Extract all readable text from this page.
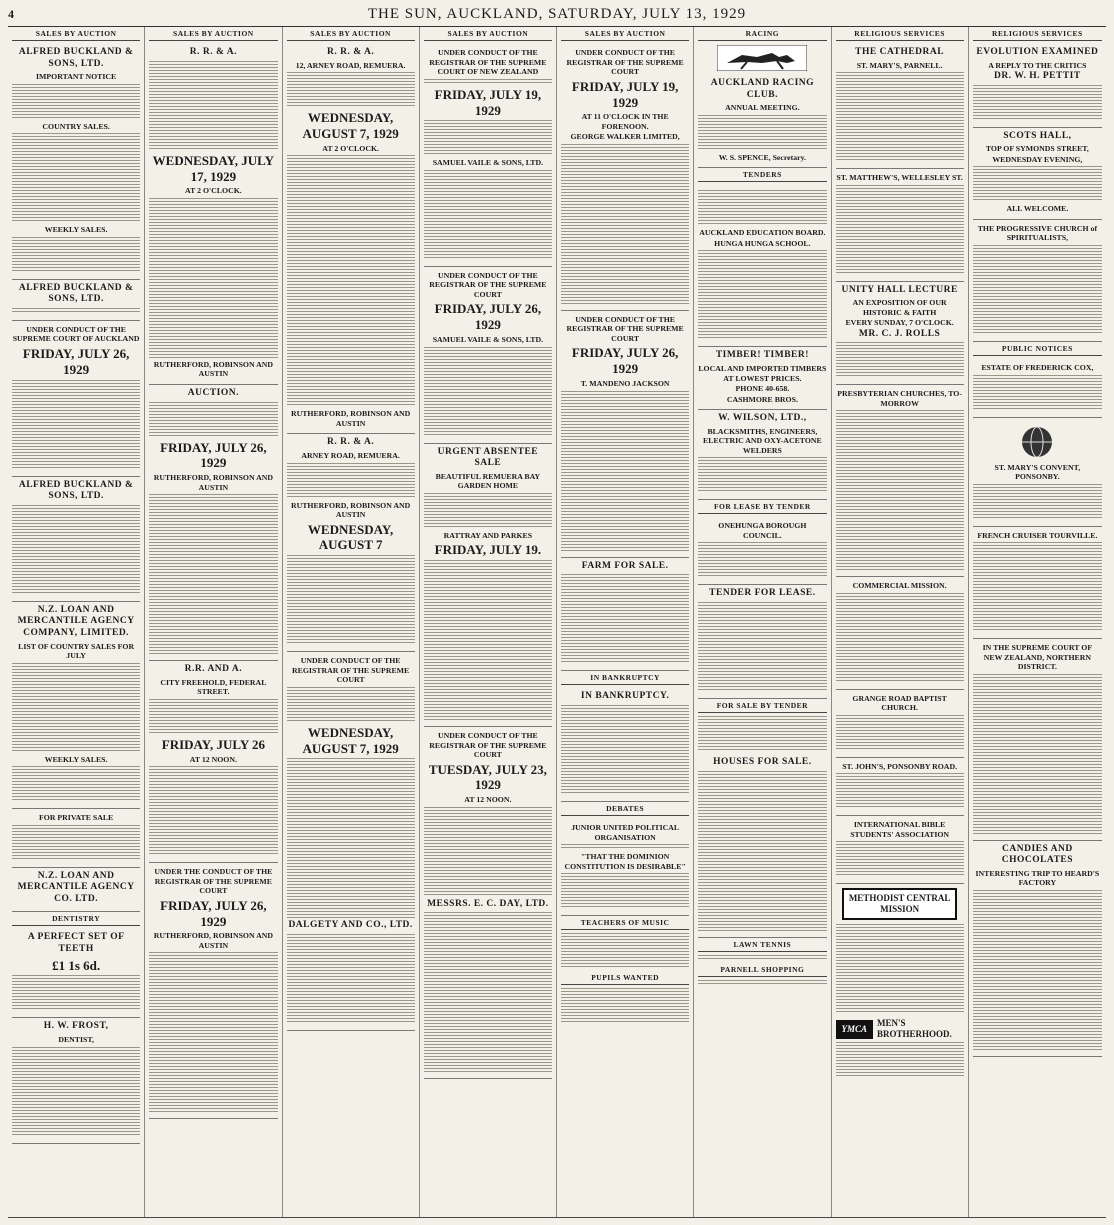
4	THE SUN, AUCKLAND, SATURDAY, JULY 13, 1929
SALES BY AUCTION
ALFRED BUCKLAND & SONS, LTD.
IMPORTANT NOTICE
COUNTRY SALES.
WEEKLY SALES.
ALFRED BUCKLAND & SONS, LTD.
UNDER CONDUCT OF THE SUPREME COURT OF AUCKLAND
FRIDAY, JULY 26, 1929
ALFRED BUCKLAND & SONS, LTD.
N.Z. LOAN AND MERCANTILE AGENCY COMPANY, LIMITED.
LIST OF COUNTRY SALES FOR JULY
WEEKLY SALES.
FOR PRIVATE SALE
N.Z. LOAN AND MERCANTILE AGENCY CO. LTD.
DENTISTRY
A PERFECT SET OF TEETH
£1 1s 6d.
H. W. FROST,
DENTIST,
SALES BY AUCTION
R. R. & A.
WEDNESDAY, JULY 17, 1929
AT 2 O'CLOCK.
RUTHERFORD, ROBINSON AND AUSTIN
AUCTION.
FRIDAY, JULY 26, 1929
RUTHERFORD, ROBINSON AND AUSTIN
R.R. AND A.
CITY FREEHOLD, FEDERAL STREET.
FRIDAY, JULY 26
AT 12 NOON.
UNDER THE CONDUCT OF THE REGISTRAR OF THE SUPREME COURT
FRIDAY, JULY 26, 1929
RUTHERFORD, ROBINSON AND AUSTIN
SALES BY AUCTION
R. R. & A.
12, ARNEY ROAD, REMUERA.
WEDNESDAY, AUGUST 7, 1929
AT 2 O'CLOCK.
RUTHERFORD, ROBINSON AND AUSTIN
R. R. & A.
ARNEY ROAD, REMUERA.
RUTHERFORD, ROBINSON AND AUSTIN
WEDNESDAY, AUGUST 7
UNDER CONDUCT OF THE REGISTRAR OF THE SUPREME COURT
WEDNESDAY, AUGUST 7, 1929
DALGETY AND CO., LTD.
SALES BY AUCTION
UNDER CONDUCT OF THE REGISTRAR OF THE SUPREME COURT OF NEW ZEALAND
FRIDAY, JULY 19, 1929
SAMUEL VAILE & SONS, LTD.
UNDER CONDUCT OF THE REGISTRAR OF THE SUPREME COURT
FRIDAY, JULY 26, 1929
SAMUEL VAILE & SONS, LTD.
URGENT ABSENTEE SALE
BEAUTIFUL REMUERA BAY GARDEN HOME
RATTRAY AND PARKES
FRIDAY, JULY 19.
UNDER CONDUCT OF THE REGISTRAR OF THE SUPREME COURT
TUESDAY, JULY 23, 1929
AT 12 NOON.
MESSRS. E. C. DAY, LTD.
SALES BY AUCTION
UNDER CONDUCT OF THE REGISTRAR OF THE SUPREME COURT
FRIDAY, JULY 19, 1929
AT 11 O'CLOCK IN THE FORENOON.
GEORGE WALKER LIMITED,
UNDER CONDUCT OF THE REGISTRAR OF THE SUPREME COURT
FRIDAY, JULY 26, 1929
T. MANDENO JACKSON
FARM FOR SALE.
IN BANKRUPTCY
IN BANKRUPTCY.
DEBATES
JUNIOR UNITED POLITICAL ORGANISATION
"THAT THE DOMINION CONSTITUTION IS DESIRABLE"
TEACHERS OF MUSIC
PUPILS WANTED
RACING
AUCKLAND RACING CLUB.
ANNUAL MEETING.
W. S. SPENCE, Secretary.
TENDERS
AUCKLAND EDUCATION BOARD.
HUNGA HUNGA SCHOOL.
TIMBER! TIMBER!
LOCAL AND IMPORTED TIMBERS AT LOWEST PRICES.
PHONE 40-658.
CASHMORE BROS.
W. WILSON, LTD.,
BLACKSMITHS, ENGINEERS, ELECTRIC AND OXY-ACETONE WELDERS
FOR LEASE BY TENDER
ONEHUNGA BOROUGH COUNCIL.
TENDER FOR LEASE.
FOR SALE BY TENDER
HOUSES FOR SALE.
LAWN TENNIS
PARNELL SHOPPING
RELIGIOUS SERVICES
THE CATHEDRAL
ST. MARY'S, PARNELL.
ST. MATTHEW'S, WELLESLEY ST.
UNITY HALL LECTURE
AN EXPOSITION OF OUR HISTORIC & FAITH
EVERY SUNDAY, 7 O'CLOCK.
MR. C. J. ROLLS
PRESBYTERIAN CHURCHES, TO-MORROW
COMMERCIAL MISSION.
GRANGE ROAD BAPTIST CHURCH.
ST. JOHN'S, PONSONBY ROAD.
INTERNATIONAL BIBLE STUDENTS' ASSOCIATION
METHODIST CENTRAL MISSION
YMCA
MEN'S BROTHERHOOD.
RELIGIOUS SERVICES
EVOLUTION EXAMINED
A REPLY TO THE CRITICS
DR. W. H. PETTIT
SCOTS HALL,
TOP OF SYMONDS STREET,
WEDNESDAY EVENING,
ALL WELCOME.
THE PROGRESSIVE CHURCH of SPIRITUALISTS,
PUBLIC NOTICES
ESTATE OF FREDERICK COX,
ST. MARY'S CONVENT, PONSONBY.
FRENCH CRUISER TOURVILLE.
IN THE SUPREME COURT OF NEW ZEALAND, NORTHERN DISTRICT.
CANDIES AND CHOCOLATES
INTERESTING TRIP TO HEARD'S FACTORY
